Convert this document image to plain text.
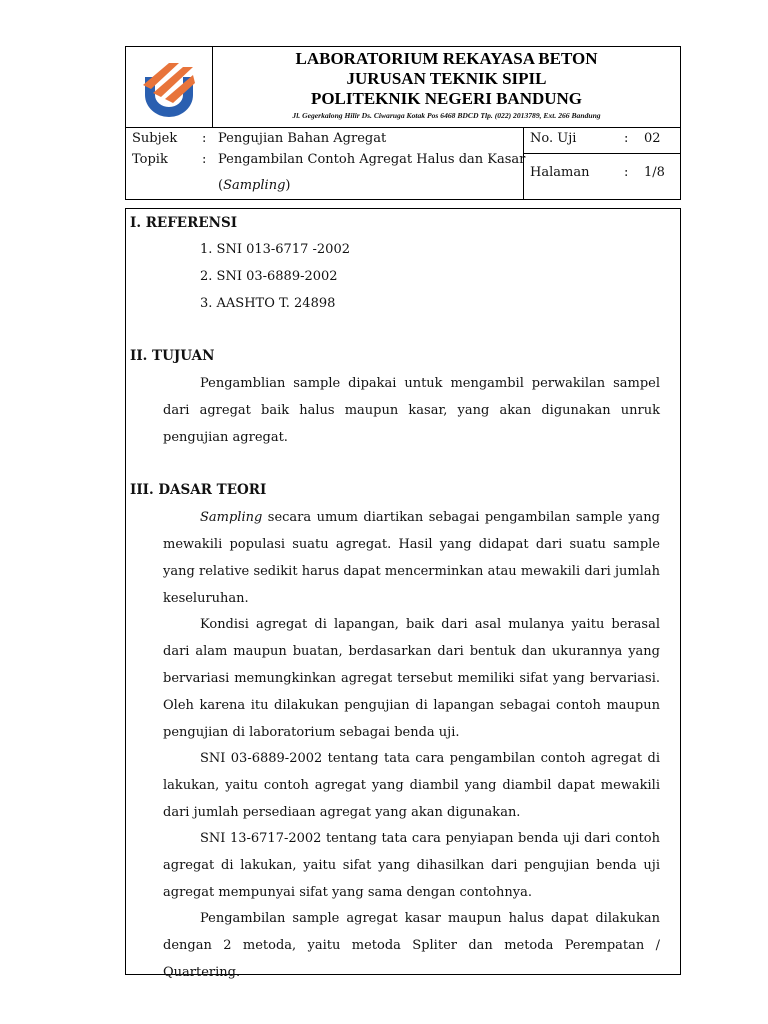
LABORATORIUM REKAYASA BETON
JURUSAN TEKNIK SIPIL
POLITEKNIK NEGERI BANDUNG
Jl. Gegerkalong Hilir Ds. Ciwaruga Kotak Pos 6468 BDCD Tlp. (022) 2013789, Ext. 266 Bandung
Subjek : Pengujian Bahan Agregat
Topik	: Pengambilan Contoh Agregat Halus dan Kasar
(Sampling)
No. Uji	: 02
Halaman	: 1/8
I. REFERENSI
1. SNI 013-6717 -2002
2. SNI 03-6889-2002
3. AASHTO T. 24898
II. TUJUAN

Pengamblian sample dipakai untuk mengambil perwakilan sampel dari agregat baik halus maupun kasar, yang akan digunakan unruk pengujian agregat.

III. DASAR TEORI

Sampling secara umum diartikan sebagai pengambilan sample yang mewakili populasi suatu agregat. Hasil yang didapat dari suatu sample yang relative sedikit harus dapat mencerminkan atau mewakili dari jumlah keseluruhan.

Kondisi agregat di lapangan, baik dari asal mulanya yaitu berasal dari alam maupun buatan, berdasarkan dari bentuk dan ukurannya yang bervariasi memungkinkan agregat tersebut memiliki sifat yang bervariasi. Oleh karena itu dilakukan pengujian di lapangan sebagai contoh maupun pengujian di laboratorium sebagai benda uji.

SNI 03-6889-2002 tentang tata cara pengambilan contoh agregat di lakukan, yaitu contoh agregat yang diambil yang diambil dapat mewakili dari jumlah persediaan agregat yang akan digunakan.

SNI 13-6717-2002 tentang tata cara penyiapan benda uji dari contoh agregat di lakukan, yaitu sifat yang dihasilkan dari pengujian benda uji agregat mempunyai sifat yang sama dengan contohnya.

Pengambilan sample agregat kasar maupun halus dapat dilakukan dengan 2 metoda, yaitu metoda Spliter dan metoda Perempatan / Quartering.
